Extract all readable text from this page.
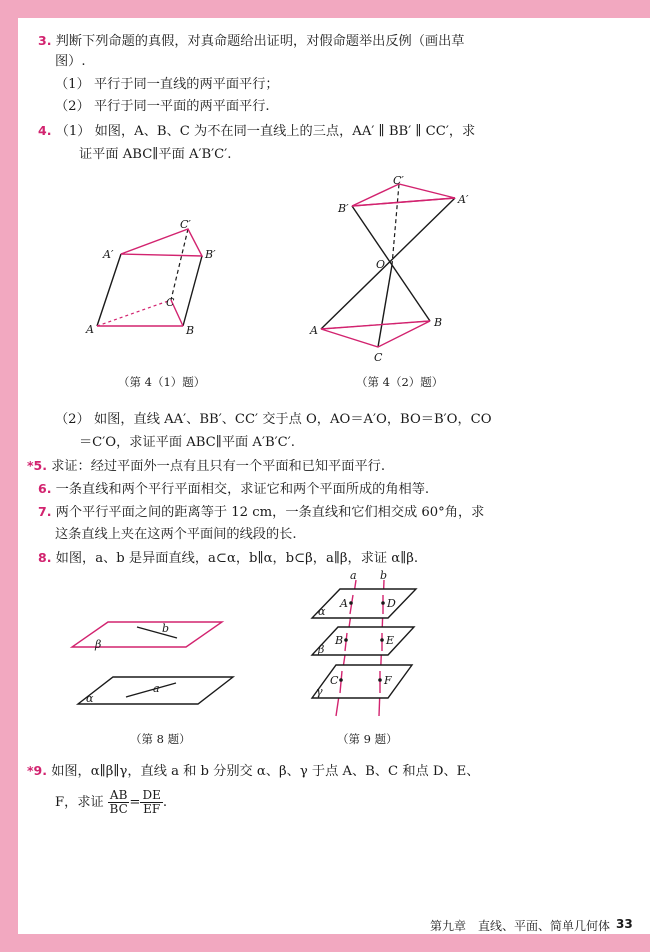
3. 判断下列命题的真假，对真命题给出证明，对假命题举出反例（画出草
图）.
（1） 平行于同一直线的两平面平行；
（2） 平行于同一平面的两平面平行.
4. （1） 如图，A、B、C 为不在同一直线上的三点，AA′ ∥ BB′ ∥ CC′，求
证平面 ABC∥平面 A′B′C′.
A′
C′
B′
C
A	B
（第 4（1）题）
B′
C′
A′
O
A
B
C
（第 4（2）题）
（2） 如图，直线 AA′、BB′、CC′ 交于点 O，AO＝A′O，BO＝B′O，CO
＝C′O，求证平面 ABC∥平面 A′B′C′.
*5. 求证：经过平面外一点有且只有一个平面和已知平面平行.
6. 一条直线和两个平行平面相交，求证它和两个平面所成的角相等.
7. 两个平行平面之间的距离等于 12 cm，一条直线和它们相交成 60°角，求
这条直线上夹在这两个平面间的线段的长.
8. 如图，a、b 是异面直线，a⊂α，b∥α，b⊂β，a∥β，求证 α∥β.
β
b
α
a
（第 8 题）
a b
α
A	D
β
B	E
γ
C	F
（第 9 题）
*9. 如图，α∥β∥γ，直线 a 和 b 分别交 α、β、γ 于点 A、B、C 和点 D、E、
F，求证 $\frac{AB}{BC} = \frac{DE}{EF}$ .
第九章　直线、平面、简单几何体 33
